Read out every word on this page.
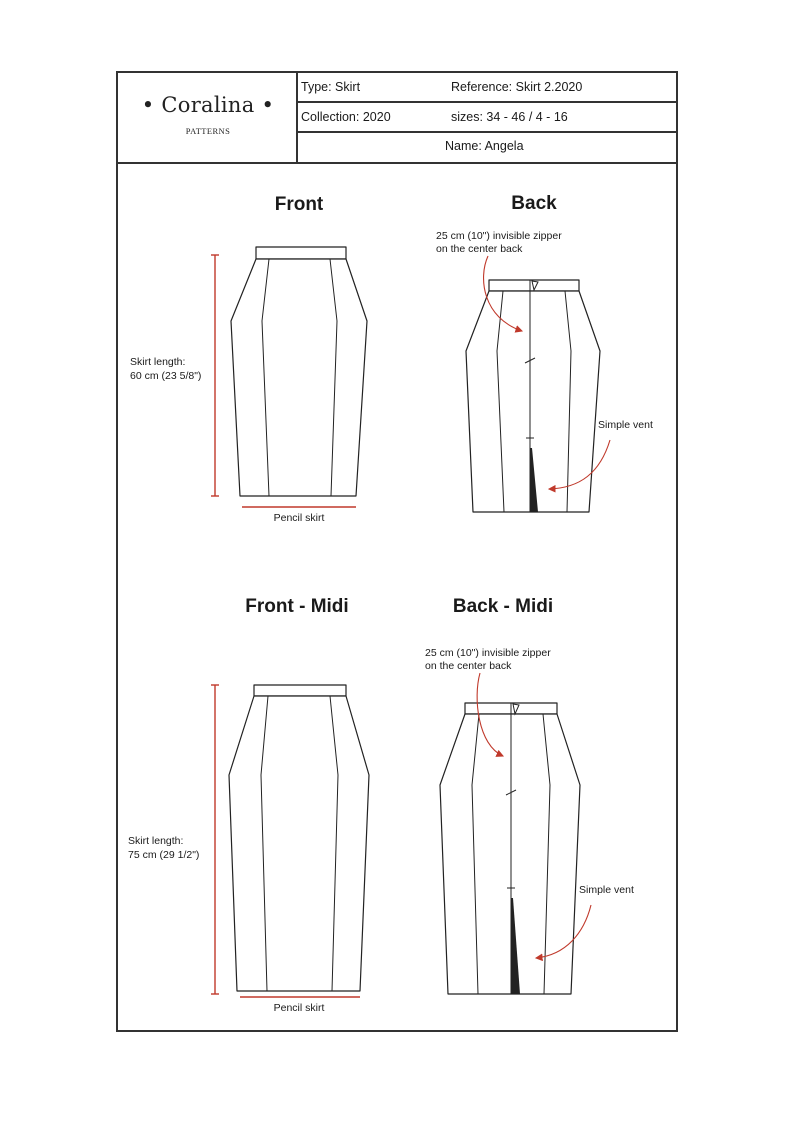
• Coralina •
PATTERNS
Type: Skirt	Reference: Skirt 2.2020
Collection: 2020	sizes: 34 - 46 / 4 - 16
Name: Angela
Front
Skirt length:
60 cm (23 5/8")
Pencil skirt
Back
25 cm (10") invisible zipper
on the center back
Simple vent
Front - Midi
Skirt length:
75 cm (29 1/2")
Pencil skirt
Back - Midi
25 cm (10") invisible zipper
on the center back
Simple vent
